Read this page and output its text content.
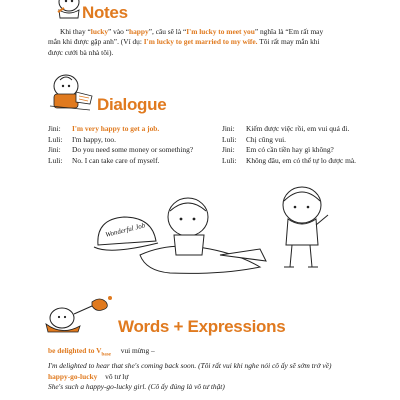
Notes
Khi thay “lucky” vào “happy”, câu sẽ là “I'm lucky to meet you” nghĩa là “Em rất may
mắn khi được gặp anh”. (Ví dụ: I'm lucky to get married to my wife. Tôi rất may mắn khi
được cưới bà nhà tôi).
Dialogue
Jini: I'm very happy to get a job.
Luli: I'm happy, too.
Jini: Do you need some money or something?
Luli: No. I can take care of myself.
Jini: Kiếm được việc rồi, em vui quá đi.
Luli: Chị cũng vui.
Jini: Em có cần tiền hay gì không?
Luli: Không đâu, em có thể tự lo được mà.
Wonderful Job
Words + Expressions
be delighted to $V_{base}$ vui mừng –
I'm delighted to hear that she's coming back soon. (Tôi rất vui khi nghe nói cô ấy sẽ sớm trở về)
happy-go-lucky vô tư lự
She's such a happy-go-lucky girl. (Cô ấy đúng là vô tư thật)
